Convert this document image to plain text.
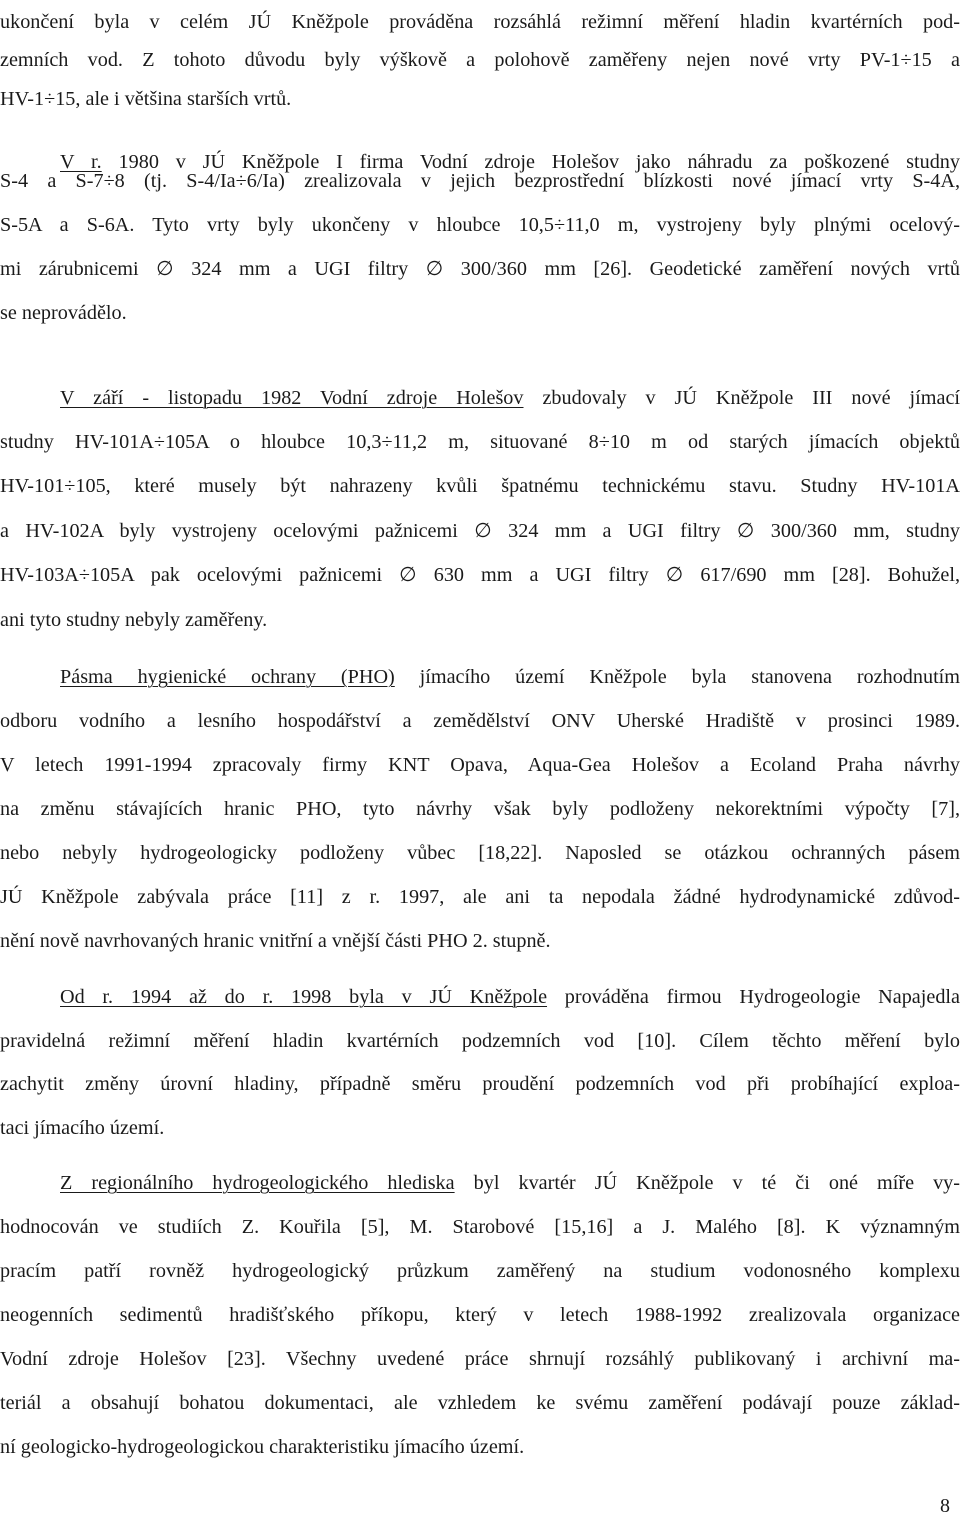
ukončení byla v celém JÚ Kněžpole prováděna rozsáhlá režimní měření hladin kvartérních pod-
zemních vod. Z tohoto důvodu byly výškově a polohově zaměřeny nejen nové vrty PV-1÷15 a
HV-1÷15, ale i většina starších vrtů.
V r. 1980 v JÚ Kněžpole I firma Vodní zdroje Holešov jako náhradu za poškozené studny
S-4 a S-7÷8 (tj. S-4/Ia÷6/Ia) zrealizovala v jejich bezprostřední blízkosti nové jímací vrty S-4A,
S-5A a S-6A. Tyto vrty byly ukončeny v hloubce 10,5÷11,0 m, vystrojeny byly plnými ocelový-
mi zárubnicemi ∅ 324 mm a UGI filtry ∅ 300/360 mm [26]. Geodetické zaměření nových vrtů
se neprovádělo.
V září - listopadu 1982 Vodní zdroje Holešov zbudovaly v JÚ Kněžpole III nové jímací
studny HV-101A÷105A o hloubce 10,3÷11,2 m, situované 8÷10 m od starých jímacích objektů
HV-101÷105, které musely být nahrazeny kvůli špatnému technickému stavu. Studny HV-101A
a HV-102A byly vystrojeny ocelovými pažnicemi ∅ 324 mm a UGI filtry ∅ 300/360 mm, studny
HV-103A÷105A pak ocelovými pažnicemi ∅ 630 mm a UGI filtry ∅ 617/690 mm [28]. Bohužel,
ani tyto studny nebyly zaměřeny.
Pásma hygienické ochrany (PHO) jímacího území Kněžpole byla stanovena rozhodnutím
odboru vodního a lesního hospodářství a zemědělství ONV Uherské Hradiště v prosinci 1989.
V letech 1991-1994 zpracovaly firmy KNT Opava, Aqua-Gea Holešov a Ecoland Praha návrhy
na změnu stávajících hranic PHO, tyto návrhy však byly podloženy nekorektními výpočty [7],
nebo nebyly hydrogeologicky podloženy vůbec [18,22]. Naposled se otázkou ochranných pásem
JÚ Kněžpole zabývala práce [11] z r. 1997, ale ani ta nepodala žádné hydrodynamické zdůvod-
nění nově navrhovaných hranic vnitřní a vnější části PHO 2. stupně.
Od r. 1994 až do r. 1998 byla v JÚ Kněžpole prováděna firmou Hydrogeologie Napajedla
pravidelná režimní měření hladin kvartérních podzemních vod [10]. Cílem těchto měření bylo
zachytit změny úrovní hladiny, případně směru proudění podzemních vod při probíhající exploa-
taci jímacího území.
Z regionálního hydrogeologického hlediska byl kvartér JÚ Kněžpole v té či oné míře vy-
hodnocován ve studiích Z. Kouřila [5], M. Starobové [15,16] a J. Malého [8]. K významným
pracím patří rovněž hydrogeologický průzkum zaměřený na studium vodonosného komplexu
neogenních sedimentů hradišťského příkopu, který v letech 1988-1992 zrealizovala organizace
Vodní zdroje Holešov [23]. Všechny uvedené práce shrnují rozsáhlý publikovaný i archivní ma-
teriál a obsahují bohatou dokumentaci, ale vzhledem ke svému zaměření podávají pouze základ-
ní geologicko-hydrogeologickou charakteristiku jímacího území.
8
